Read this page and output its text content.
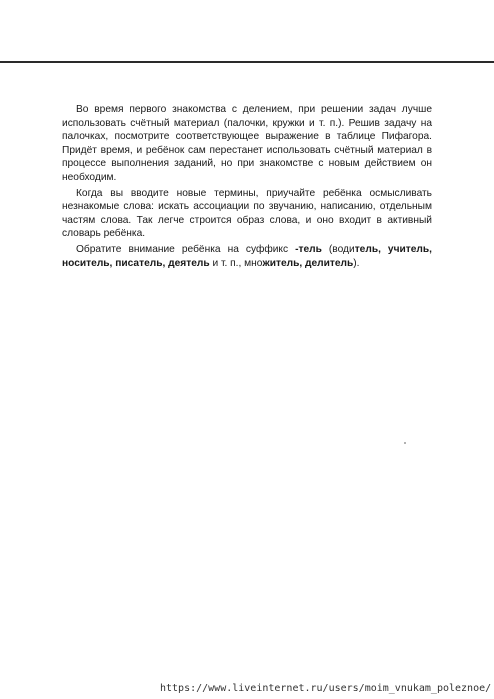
Во время первого знакомства с делением, при решении задач лучше использовать счётный материал (палочки, кружки и т. п.). Решив задачу на палочках, посмотрите соответствующее выражение в таблице Пифагора. Придёт время, и ребёнок сам перестанет использовать счётный материал в процессе выполнения заданий, но при знакомстве с новым действием он необходим.

Когда вы вводите новые термины, приучайте ребёнка осмысливать незнакомые слова: искать ассоциации по звучанию, написанию, отдельным частям слова. Так легче строится образ слова, и оно входит в активный словарь ребёнка.

Обратите внимание ребёнка на суффикс -тель (водитель, учитель, носитель, писатель, деятель и т. п., множитель, делитель).

https://www.liveinternet.ru/users/moim_vnukam_poleznoe/
